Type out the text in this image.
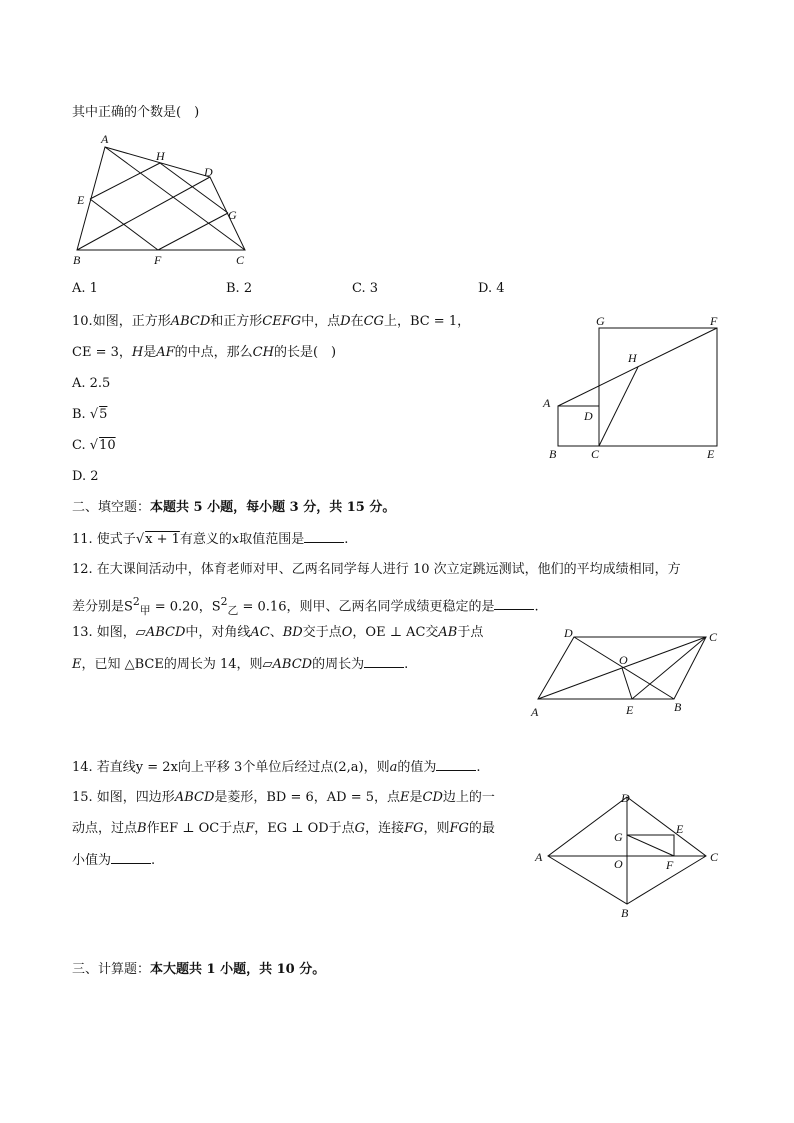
其中正确的个数是(　)
A
H
D
E
G
B	F	C
A. 1	B. 2	C. 3	D. 4
10.如图，正方形ABCD和正方形CEFG中，点D在CG上，BC = 1，
CE = 3，H是AF的中点，那么CH的长是(　)
A. 2.5
B. √5
C. √10
D. 2
G	F
H
A
D
B	C	E
二、填空题：本题共 5 小题，每小题 3 分，共 15 分。
11. 使式子√x + 1有意义的x取值范围是	.
12. 在大课间活动中，体育老师对甲、乙两名同学每人进行 10 次立定跳远测试，他们的平均成绩相同，方
差分别是$S^2_甲 = 0.20$，$S^2_乙 = 0.16$，则甲、乙两名同学成绩更稳定的是	.
13. 如图，▱ABCD中，对角线AC、BD交于点O，OE ⊥ AC交AB于点
E，已知 △BCE的周长为 14，则▱ABCD的周长为	.
D	C
O
A	E	B
14. 若直线y = 2x向上平移 3个单位后经过点(2,a)，则a的值为	.
15. 如图，四边形ABCD是菱形，BD = 6，AD = 5，点E是CD边上的一
动点，过点B作EF ⊥ OC于点F，EG ⊥ OD于点G，连接FG，则FG的最
小值为	.
D
G
E
A	O	F
C
B
三、计算题：本大题共 1 小题，共 10 分。
